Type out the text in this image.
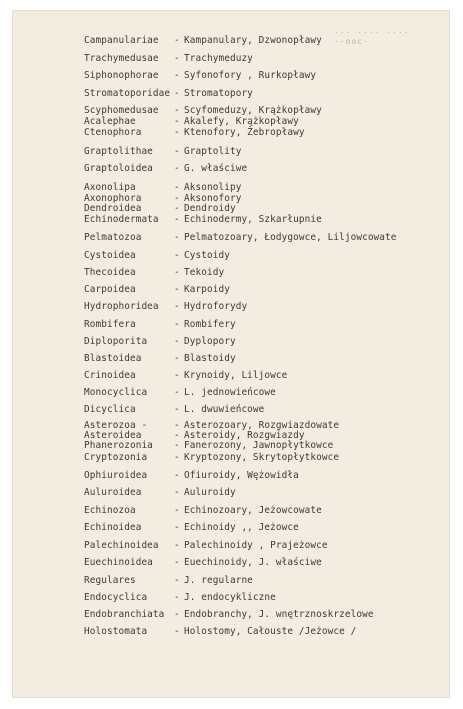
··· ···· ···· ··ooc·
Campanulariae - Kampanulary, Dzwonopławy
Trachymedusae - Trachymeduzy
Siphonophorae - Syfonofory , Rurkopławy
Stromatoporidae - Stromatopory
Scyphomedusae - Scyfomeduzy, Krążkopławy
Acalephae	- Akalefy, Krążkopławy
Ctenophora	- Ktenofory, Żebropławy
Graptolithae - Graptolity
Graptoloidea - G. właściwe
Axonolipa	- Aksonolipy
Axonophora	- Aksonofory
Dendroidea	- Dendroidy
Echinodermata - Echinodermy, Szkarłupnie
Pelmatozoa	- Pelmatozoary, Łodygowce, Liljowcowate
Cystoidea	- Cystoidy
Thecoidea	- Tekoidy
Carpoidea	- Karpoidy
Hydrophoridea - Hydroforydy
Rombifera	- Rombifery
Diploporita	- Dyplopory
Blastoidea	- Blastoidy
Crinoidea	- Krynoidy, Liljowce
Monocyclica	- L. jednowieńcowe
Dicyclica	- L. dwuwieńcowe
Asterozoa -	- Asterozoary, Rozgwiazdowate
Asteroidea	- Asteroidy, Rozgwiazdy
Phanerozonia - Fanerozony, Jawnopłytkowce
Cryptozonia	- Kryptozony, Skrytopłytkowce
Ophiuroidea	- Ofiuroidy, Wężowidła
Auluroidea	- Auluroidy
Echinozoa	- Echinozoary, Jeżowcowate
Echinoidea	- Echinoidy ,, Jeżowce
Palechinoidea - Palechinoidy , Prajeżowce
Euechinoidea - Euechinoidy, J. właściwe
Regulares	- J. regularne
Endocyclica	- J. endocykliczne
Endobranchiata - Endobranchy, J. wnętrznoskrzelowe
Holostomata	- Holostomy, Całouste /Jeżowce /
